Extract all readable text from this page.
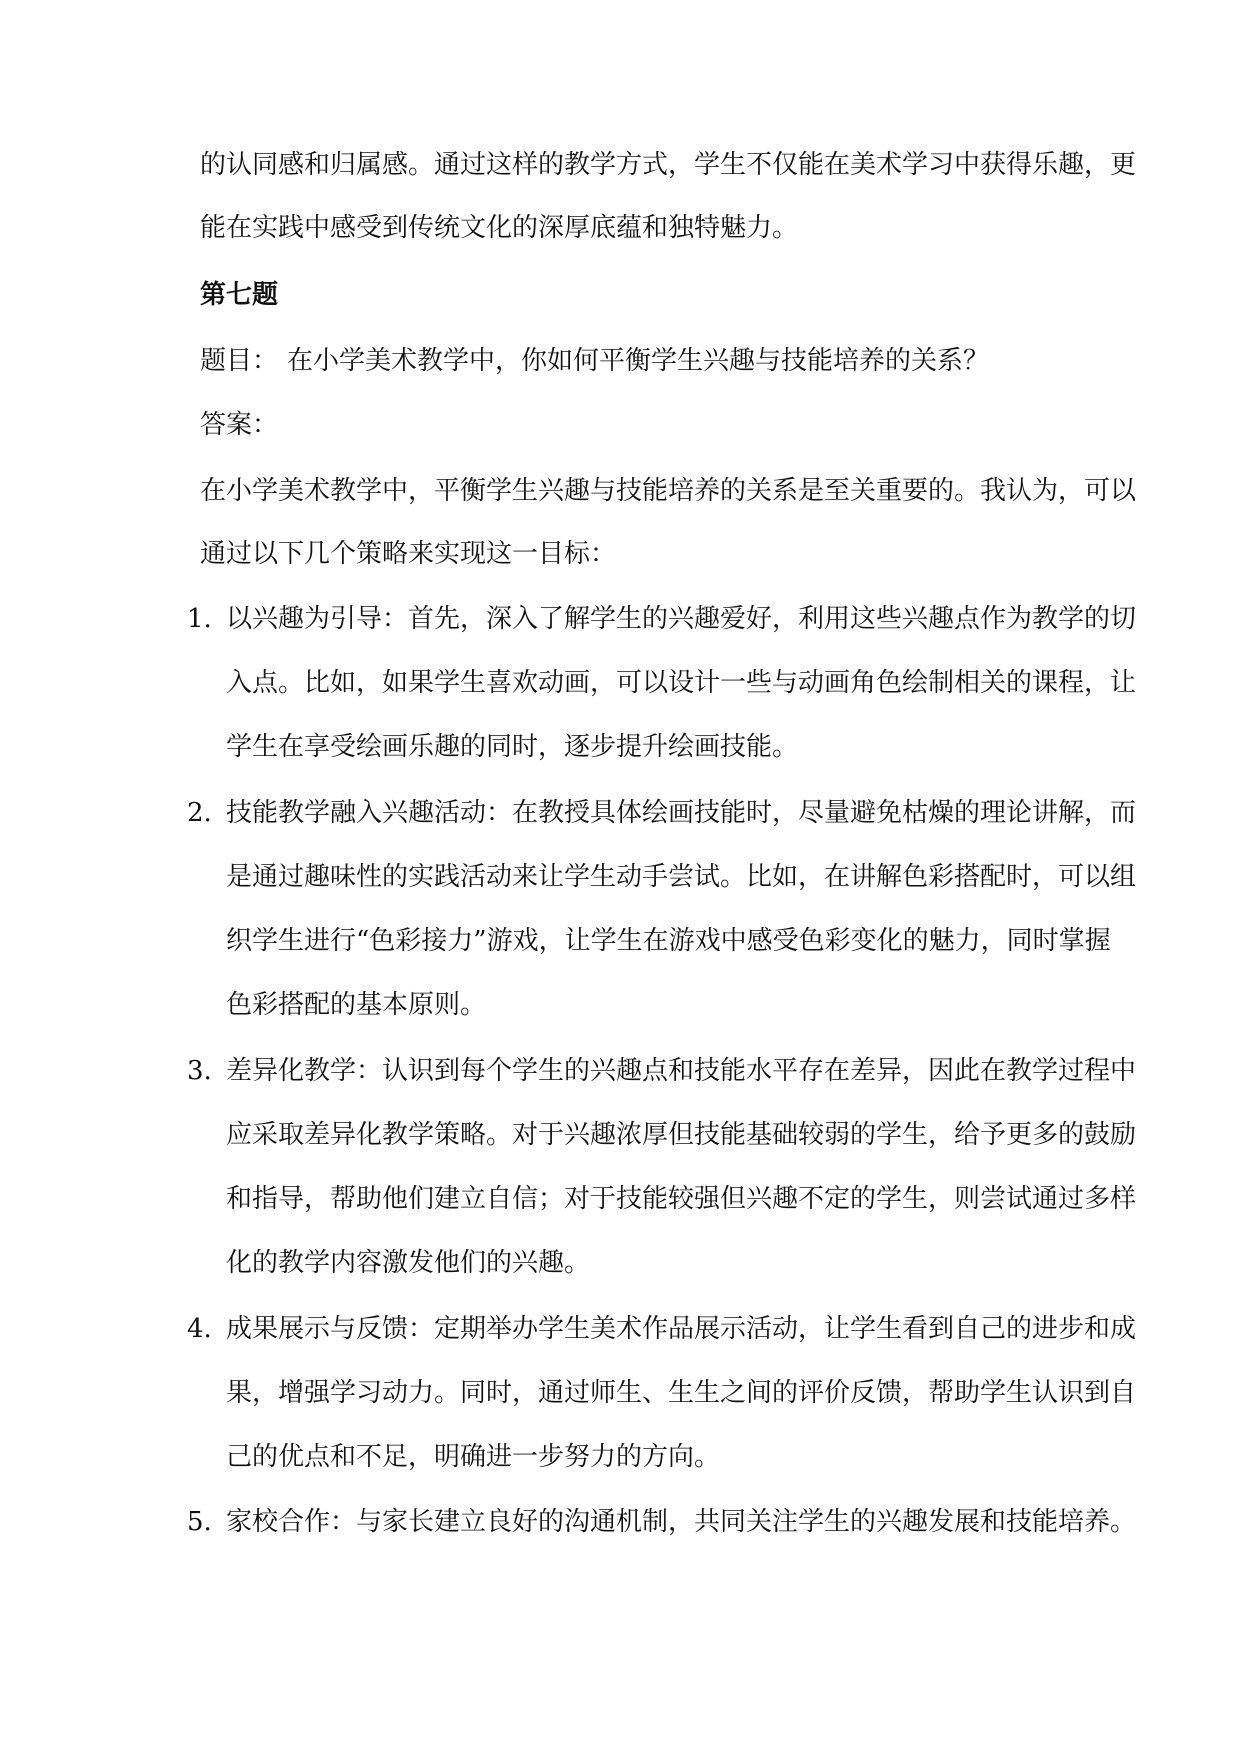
的认同感和归属感。通过这样的教学方式，学生不仅能在美术学习中获得乐趣，更
能在实践中感受到传统文化的深厚底蕴和独特魅力。
第七题
题目： 在小学美术教学中，你如何平衡学生兴趣与技能培养的关系？
答案：
在小学美术教学中，平衡学生兴趣与技能培养的关系是至关重要的。我认为，可以
通过以下几个策略来实现这一目标：
1. 以兴趣为引导：首先，深入了解学生的兴趣爱好，利用这些兴趣点作为教学的切
入点。比如，如果学生喜欢动画，可以设计一些与动画角色绘制相关的课程，让
学生在享受绘画乐趣的同时，逐步提升绘画技能。
2. 技能教学融入兴趣活动：在教授具体绘画技能时，尽量避免枯燥的理论讲解，而
是通过趣味性的实践活动来让学生动手尝试。比如，在讲解色彩搭配时，可以组
织学生进行“色彩接力”游戏，让学生在游戏中感受色彩变化的魅力，同时掌握
色彩搭配的基本原则。
3. 差异化教学：认识到每个学生的兴趣点和技能水平存在差异，因此在教学过程中
应采取差异化教学策略。对于兴趣浓厚但技能基础较弱的学生，给予更多的鼓励
和指导，帮助他们建立自信；对于技能较强但兴趣不定的学生，则尝试通过多样
化的教学内容激发他们的兴趣。
4. 成果展示与反馈：定期举办学生美术作品展示活动，让学生看到自己的进步和成
果，增强学习动力。同时，通过师生、生生之间的评价反馈，帮助学生认识到自
己的优点和不足，明确进一步努力的方向。
5. 家校合作：与家长建立良好的沟通机制，共同关注学生的兴趣发展和技能培养。
